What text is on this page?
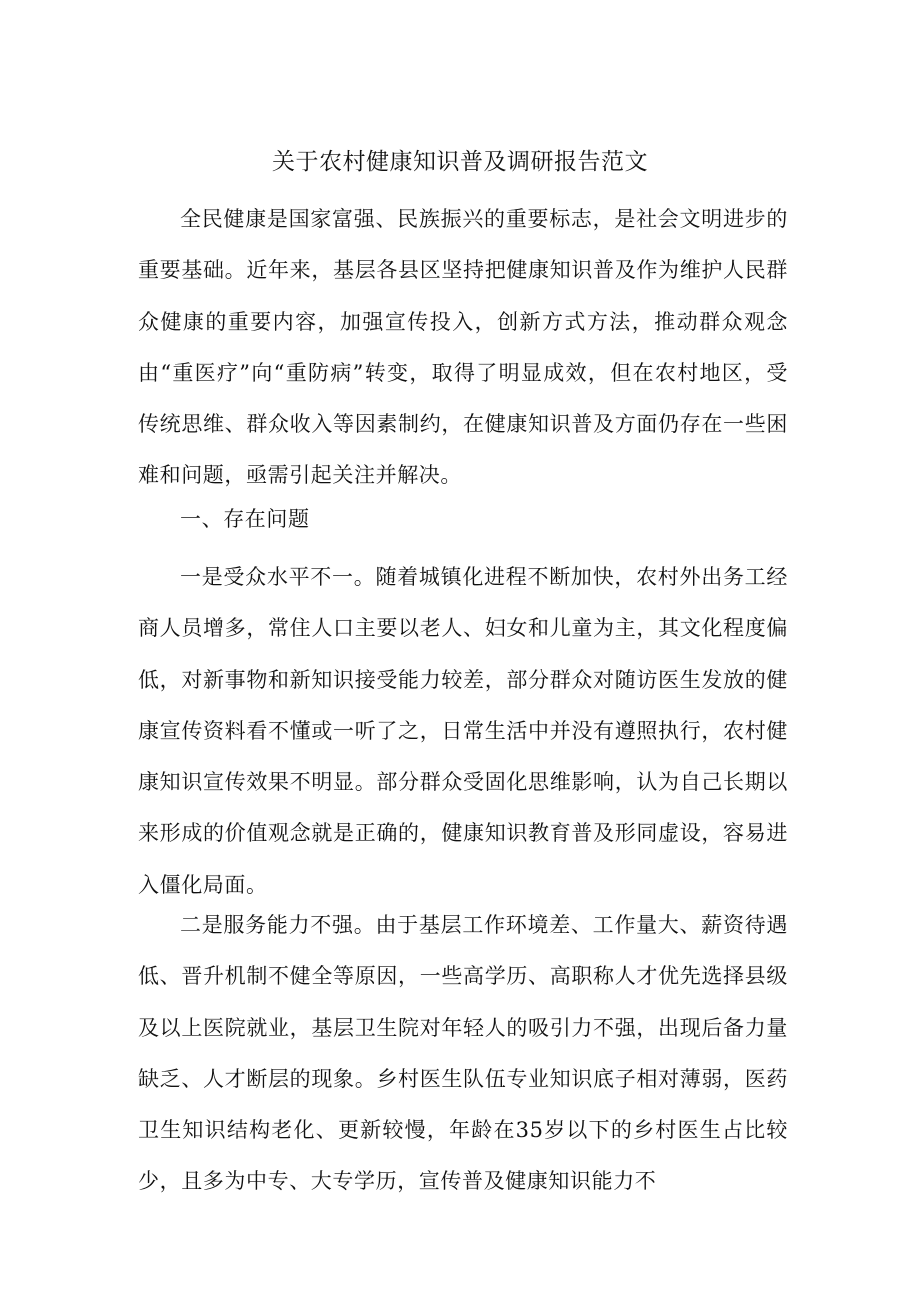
关于农村健康知识普及调研报告范文

全民健康是国家富强、民族振兴的重要标志，是社会文明进步的重要基础。近年来，基层各县区坚持把健康知识普及作为维护人民群众健康的重要内容，加强宣传投入，创新方式方法，推动群众观念由“重医疗”向“重防病”转变，取得了明显成效，但在农村地区，受传统思维、群众收入等因素制约，在健康知识普及方面仍存在一些困难和问题，亟需引起关注并解决。

一、存在问题

一是受众水平不一。随着城镇化进程不断加快，农村外出务工经商人员增多，常住人口主要以老人、妇女和儿童为主，其文化程度偏低，对新事物和新知识接受能力较差，部分群众对随访医生发放的健康宣传资料看不懂或一听了之，日常生活中并没有遵照执行，农村健康知识宣传效果不明显。部分群众受固化思维影响，认为自己长期以来形成的价值观念就是正确的，健康知识教育普及形同虚设，容易进入僵化局面。

二是服务能力不强。由于基层工作环境差、工作量大、薪资待遇低、晋升机制不健全等原因，一些高学历、高职称人才优先选择县级及以上医院就业，基层卫生院对年轻人的吸引力不强，出现后备力量缺乏、人才断层的现象。乡村医生队伍专业知识底子相对薄弱，医药卫生知识结构老化、更新较慢，年龄在35岁以下的乡村医生占比较少，且多为中专、大专学历，宣传普及健康知识能力不
